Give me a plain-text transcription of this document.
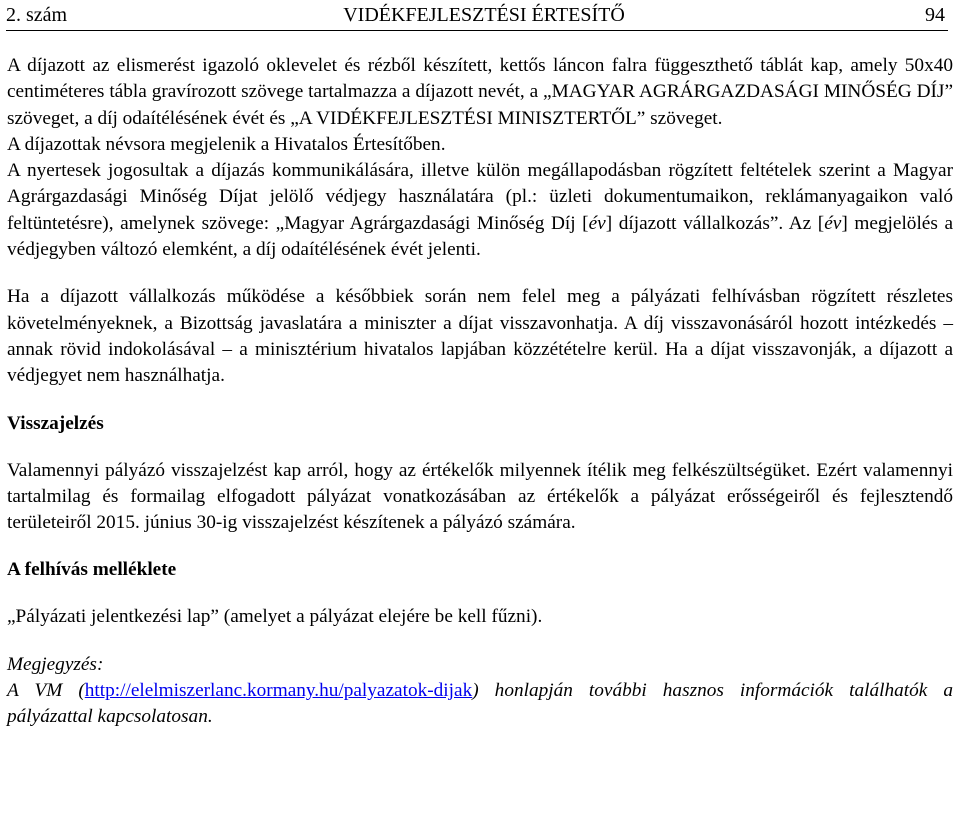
2. szám	VIDÉKFEJLESZTÉSI ÉRTESÍTŐ	94

A díjazott az elismerést igazoló oklevelet és rézből készített, kettős láncon falra függeszthető táblát kap, amely 50x40 centiméteres tábla gravírozott szövege tartalmazza a díjazott nevét, a „MAGYAR AGRÁRGAZDASÁGI MINŐSÉG DÍJ” szöveget, a díj odaítélésének évét és „A VIDÉKFEJLESZTÉSI MINISZTERTŐL” szöveget.

A díjazottak névsora megjelenik a Hivatalos Értesítőben.

A nyertesek jogosultak a díjazás kommunikálására, illetve külön megállapodásban rögzített feltételek szerint a Magyar Agrárgazdasági Minőség Díjat jelölő védjegy használatára (pl.: üzleti dokumentumaikon, reklámanyagaikon való feltüntetésre), amelynek szövege: „Magyar Agrárgazdasági Minőség Díj [év] díjazott vállalkozás”. Az [év] megjelölés a védjegyben változó elemként, a díj odaítélésének évét jelenti.

Ha a díjazott vállalkozás működése a későbbiek során nem felel meg a pályázati felhívásban rögzített részletes követelményeknek, a Bizottság javaslatára a miniszter a díjat visszavonhatja. A díj visszavonásáról hozott intézkedés – annak rövid indokolásával – a minisztérium hivatalos lapjában közzétételre kerül. Ha a díjat visszavonják, a díjazott a védjegyet nem használhatja.

Visszajelzés

Valamennyi pályázó visszajelzést kap arról, hogy az értékelők milyennek ítélik meg felkészültségüket. Ezért valamennyi tartalmilag és formailag elfogadott pályázat vonatkozásában az értékelők a pályázat erősségeiről és fejlesztendő területeiről 2015. június 30-ig visszajelzést készítenek a pályázó számára.

A felhívás melléklete

„Pályázati jelentkezési lap” (amelyet a pályázat elejére be kell fűzni).

Megjegyzés:

A VM (http://elelmiszerlanc.kormany.hu/palyazatok-dijak) honlapján további hasznos információk találhatók a pályázattal kapcsolatosan.
